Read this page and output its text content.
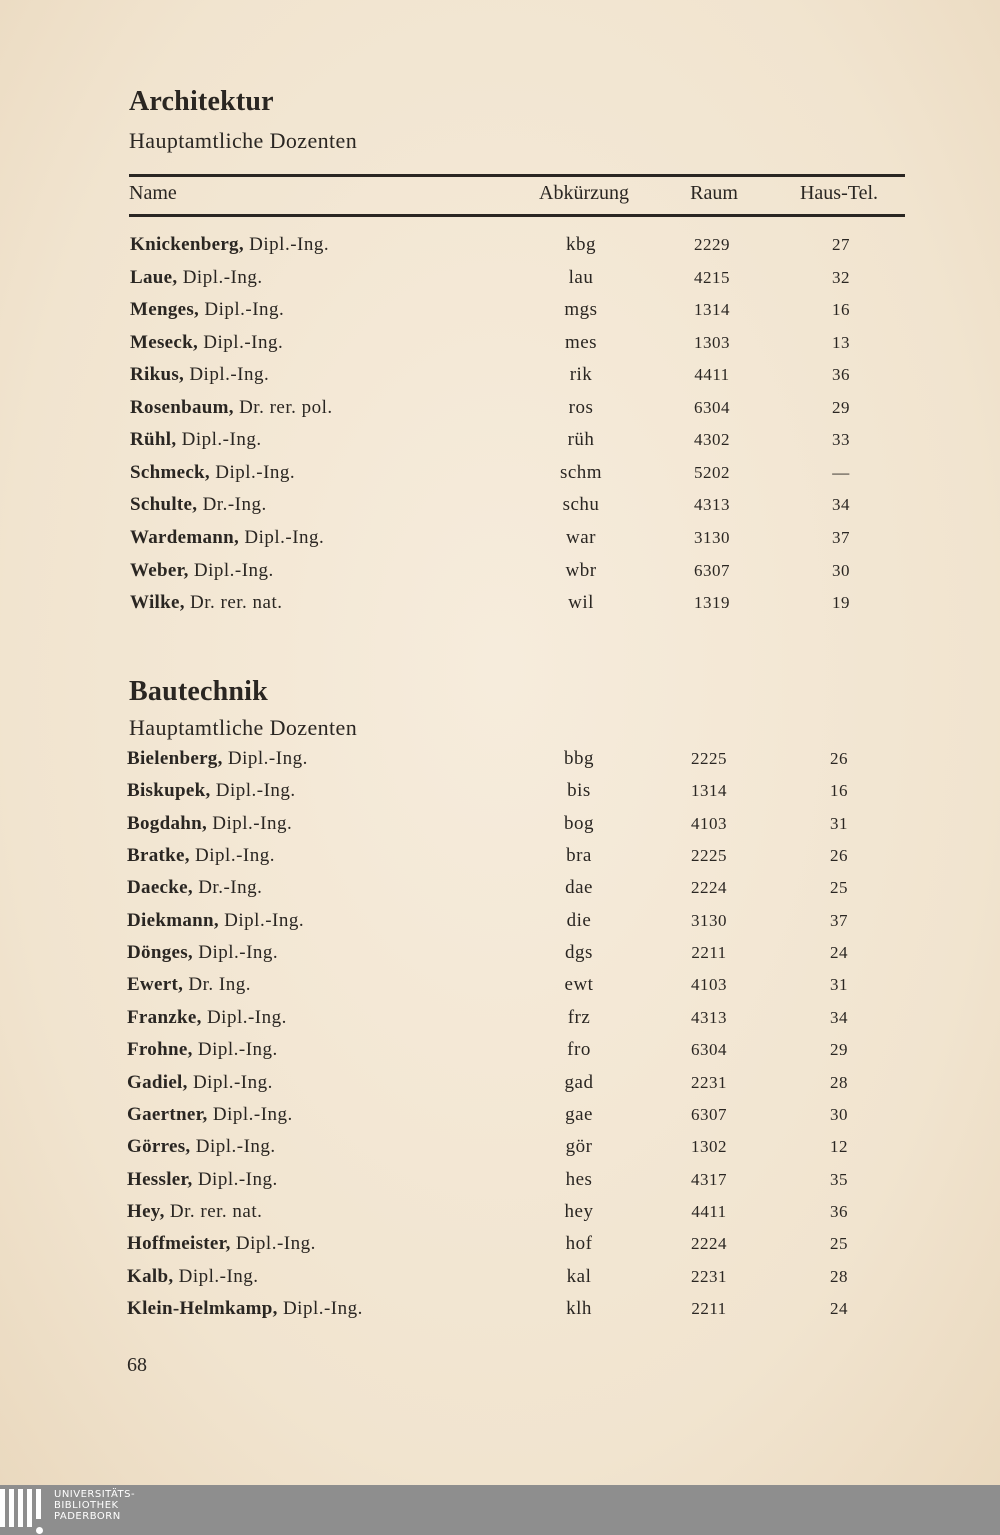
Architektur
Hauptamtliche Dozenten
Name	Abkürzung	Raum	Haus-Tel.
Knickenberg, Dipl.-Ing.	kbg	2229	27
Laue, Dipl.-Ing.	lau	4215	32
Menges, Dipl.-Ing.	mgs	1314	16
Meseck, Dipl.-Ing.	mes	1303	13
Rikus, Dipl.-Ing.	rik	4411	36
Rosenbaum, Dr. rer. pol.	ros	6304	29
Rühl, Dipl.-Ing.	rüh	4302	33
Schmeck, Dipl.-Ing.	schm	5202	—
Schulte, Dr.-Ing.	schu	4313	34
Wardemann, Dipl.-Ing.	war	3130	37
Weber, Dipl.-Ing.	wbr	6307	30
Wilke, Dr. rer. nat.	wil	1319	19
Bautechnik
Hauptamtliche Dozenten
Bielenberg, Dipl.-Ing.	bbg	2225	26
Biskupek, Dipl.-Ing.	bis	1314	16
Bogdahn, Dipl.-Ing.	bog	4103	31
Bratke, Dipl.-Ing.	bra	2225	26
Daecke, Dr.-Ing.	dae	2224	25
Diekmann, Dipl.-Ing.	die	3130	37
Dönges, Dipl.-Ing.	dgs	2211	24
Ewert, Dr. Ing.	ewt	4103	31
Franzke, Dipl.-Ing.	frz	4313	34
Frohne, Dipl.-Ing.	fro	6304	29
Gadiel, Dipl.-Ing.	gad	2231	28
Gaertner, Dipl.-Ing.	gae	6307	30
Görres, Dipl.-Ing.	gör	1302	12
Hessler, Dipl.-Ing.	hes	4317	35
Hey, Dr. rer. nat.	hey	4411	36
Hoffmeister, Dipl.-Ing.	hof	2224	25
Kalb, Dipl.-Ing.	kal	2231	28
Klein-Helmkamp, Dipl.-Ing.	klh	2211	24
68
UNIVERSITÄTS-
BIBLIOTHEK
PADERBORN
